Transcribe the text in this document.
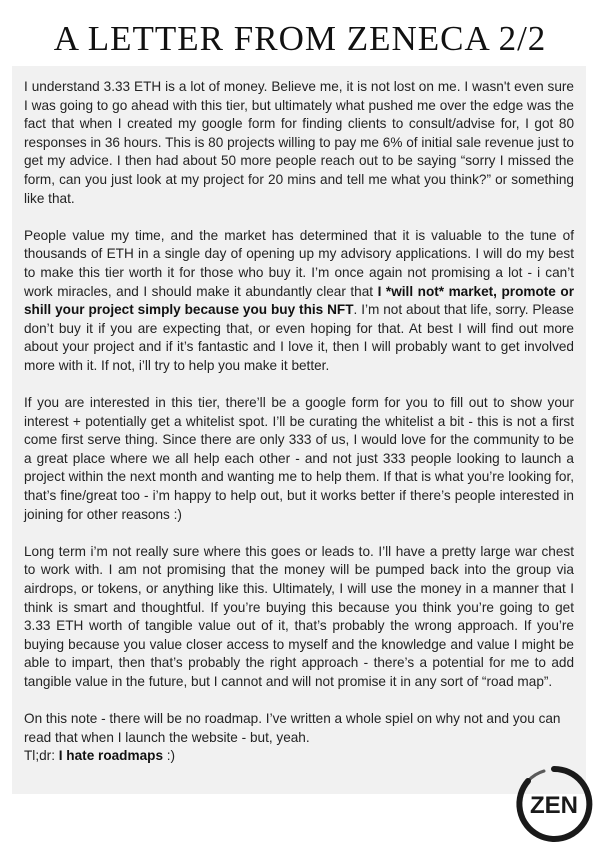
A LETTER FROM ZENECA 2/2

I understand 3.33 ETH is a lot of money. Believe me, it is not lost on me. I wasn't even sure I was going to go ahead with this tier, but ultimately what pushed me over the edge was the fact that when I created my google form for finding clients to consult/advise for, I got 80 responses in 36 hours. This is 80 projects willing to pay me 6% of initial sale revenue just to get my advice. I then had about 50 more people reach out to be saying “sorry I missed the form, can you just look at my project for 20 mins and tell me what you think?” or something like that.

People value my time, and the market has determined that it is valuable to the tune of thousands of ETH in a single day of opening up my advisory applications. I will do my best to make this tier worth it for those who buy it. I’m once again not promising a lot - i can’t work miracles, and I should make it abundantly clear that I *will not* market, promote or shill your project simply because you buy this NFT. I’m not about that life, sorry. Please don’t buy it if you are expecting that, or even hoping for that. At best I will find out more about your project and if it’s fantastic and I love it, then I will probably want to get involved more with it. If not, i’ll try to help you make it better.

If you are interested in this tier, there’ll be a google form for you to fill out to show your interest + potentially get a whitelist spot. I’ll be curating the whitelist a bit - this is not a first come first serve thing. Since there are only 333 of us, I would love for the community to be a great place where we all help each other - and not just 333 people looking to launch a project within the next month and wanting me to help them. If that is what you’re looking for, that’s fine/great too - i’m happy to help out, but it works better if there’s people interested in joining for other reasons :)

Long term i’m not really sure where this goes or leads to. I’ll have a pretty large war chest to work with. I am not promising that the money will be pumped back into the group via airdrops, or tokens, or anything like this. Ultimately, I will use the money in a manner that I think is smart and thoughtful. If you’re buying this because you think you’re going to get 3.33 ETH worth of tangible value out of it, that’s probably the wrong approach. If you’re buying because you value closer access to myself and the knowledge and value I might be able to impart, then that’s probably the right approach - there’s a potential for me to add tangible value in the future, but I cannot and will not promise it in any sort of “road map”.

On this note - there will be no roadmap. I’ve written a whole spiel on why not and you can read that when I launch the website - but, yeah.

Tl;dr: I hate roadmaps :)

ZEN
